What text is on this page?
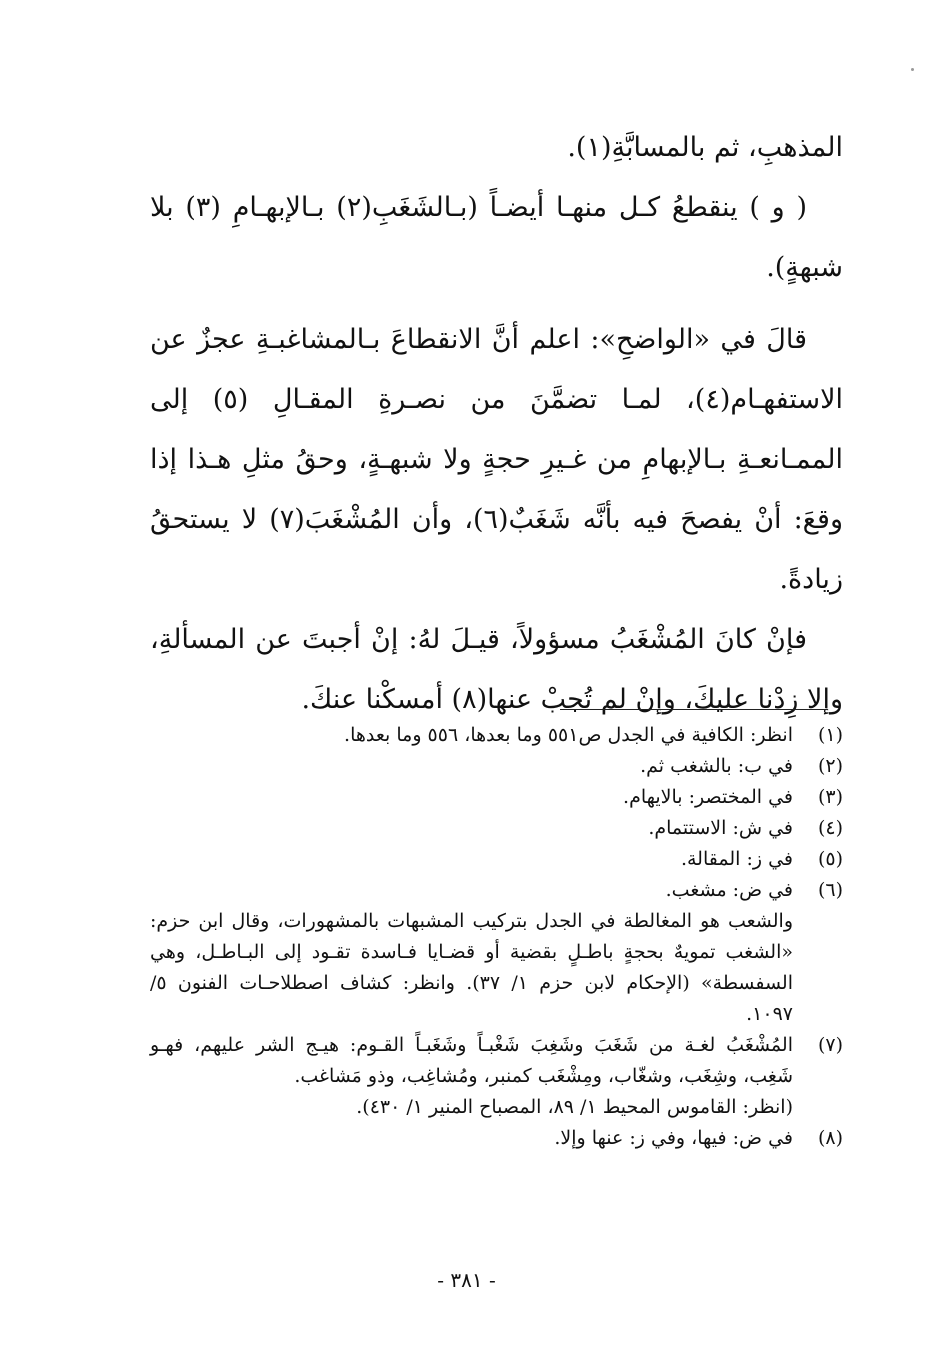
المذهبِ، ثم بالمسابَّةِ(١).

( و ) ينقطعُ كـل منهـا أيضـاً (بـالشَغَبِ(٢) بـالإبهـامِ (٣) بلا شبهةٍ).

قالَ في «الواضحِ»: اعلم أنَّ الانقطاعَ بـالمشاغبـةِ عجزٌ عن الاستفهـام(٤)، لمـا تضمَّنَ من نصـرةِ المقـالِ (٥) إلى الممـانعـةِ بـالإبهامِ من غـيرِ حجةٍ ولا شبهـةٍ، وحقُ مثلِ هـذا إذا وقعَ: أنْ يفصحَ فيه بأنَّه شَغَبٌ(٦)، وأن المُشْغَبَ(٧) لا يستحقُ زيادةً.

فإنْ كانَ المُشْغَبُ مسؤولاً، قيـلَ لهُ: إنْ أجبتَ عن المسألةِ، وإلا زِدْنا عليكَ، وإنْ لم تُجبْ عنها(٨) أمسكْنا عنكَ.

(١)
انظر: الكافية في الجدل ص٥٥١ وما بعدها، ٥٥٦ وما بعدها.
(٢)
في ب: بالشغب ثم.
(٣)
في المختصر: بالايهام.
(٤)
في ش: الاستتمام.
(٥)
في ز: المقالة.
(٦)
في ض: مشغب.
والشعب هو المغالطة في الجدل بتركيب المشبهات بالمشهورات، وقال ابن حزم: «الشغب تمويهٌ بحجةٍ باطـلٍ بقضية أو قضـايا فـاسدة تقـود إلى البـاطـل، وهي السفسطة» (الإحكام لابن حزم ١/ ٣٧). وانظر: كشاف اصطلاحـات الفنون ٥/ ١٠٩٧.
(٧)
المُشْغَبُ لغـة من شَغَبَ وشَغِبَ شَغْبـاً وشَغَبـاً القـوم: هيـج الشر عليهم، فهـو شَغِب، وشِغَب، وشغّاب، ومِشْغَب كمنبر، ومُشاغِب، وذو مَشاغب.
(انظر: القاموس المحيط ١/ ٨٩، المصباح المنير ١/ ٤٣٠).
(٨)
في ض: فيها، وفي ز: عنها وإلا.
- ٣٨١ -
